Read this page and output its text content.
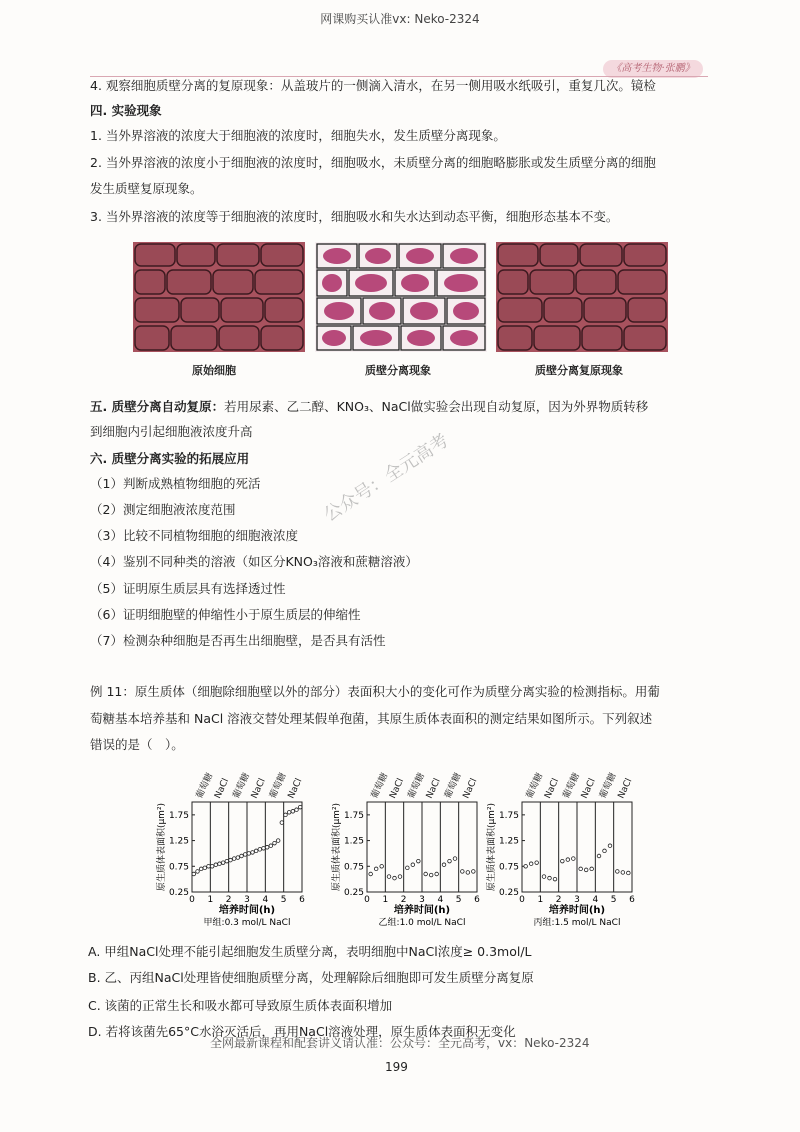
网课购买认准vx: Neko-2324
《高考生物·张鹏》
4. 观察细胞质壁分离的复原现象：从盖玻片的一侧滴入清水，在另一侧用吸水纸吸引，重复几次。镜检
四. 实验现象
1. 当外界溶液的浓度大于细胞液的浓度时，细胞失水，发生质壁分离现象。
2. 当外界溶液的浓度小于细胞液的浓度时，细胞吸水，未质壁分离的细胞略膨胀或发生质壁分离的细胞
发生质壁复原现象。
3. 当外界溶液的浓度等于细胞液的浓度时，细胞吸水和失水达到动态平衡，细胞形态基本不变。
原始细胞	质壁分离现象	质壁分离复原现象
五. 质壁分离自动复原：若用尿素、乙二醇、KNO₃、NaCl做实验会出现自动复原，因为外界物质转移
到细胞内引起细胞液浓度升高
六. 质壁分离实验的拓展应用
（1）判断成熟植物细胞的死活
（2）测定细胞液浓度范围
（3）比较不同植物细胞的细胞液浓度
（4）鉴别不同种类的溶液（如区分KNO₃溶液和蔗糖溶液）
（5）证明原生质层具有选择透过性
（6）证明细胞壁的伸缩性小于原生质层的伸缩性
（7）检测杂种细胞是否再生出细胞壁，是否具有活性
公众号：全元高考
例 11：原生质体（细胞除细胞壁以外的部分）表面积大小的变化可作为质壁分离实验的检测指标。用葡
萄糖基本培养基和 NaCl 溶液交替处理某假单孢菌，其原生质体表面积的测定结果如图所示。下列叙述
错误的是（　）。
葡萄糖
NaCl 葡萄糖
NaCl 葡萄糖
NaCl
0.25
0.75
1.25
1.75
0 1 2 3 4 5 6
培养时间(h)
甲组:0.3 mol/L NaCl
原生质体表面积(μm²)
葡萄糖
NaCl 葡萄糖
NaCl 葡萄糖
NaCl
0.25
0.75
1.25
1.75
0 1 2 3 4 5 6
培养时间(h)
乙组:1.0 mol/L NaCl
原生质体表面积(μm²)
葡萄糖
NaCl 葡萄糖
NaCl 葡萄糖
NaCl
0.25
0.75
1.25
1.75
0 1 2 3 4 5 6
培养时间(h)
丙组:1.5 mol/L NaCl
原生质体表面积(μm²)
A. 甲组NaCl处理不能引起细胞发生质壁分离，表明细胞中NaCl浓度≥ 0.3mol/L
B. 乙、丙组NaCl处理皆使细胞质壁分离，处理解除后细胞即可发生质壁分离复原
C. 该菌的正常生长和吸水都可导致原生质体表面积增加
D. 若将该菌先65°C水浴灭活后，再用NaCl溶液处理，原生质体表面积无变化
全网最新课程和配套讲义请认准：公众号：全元高考，vx：Neko-2324
199
